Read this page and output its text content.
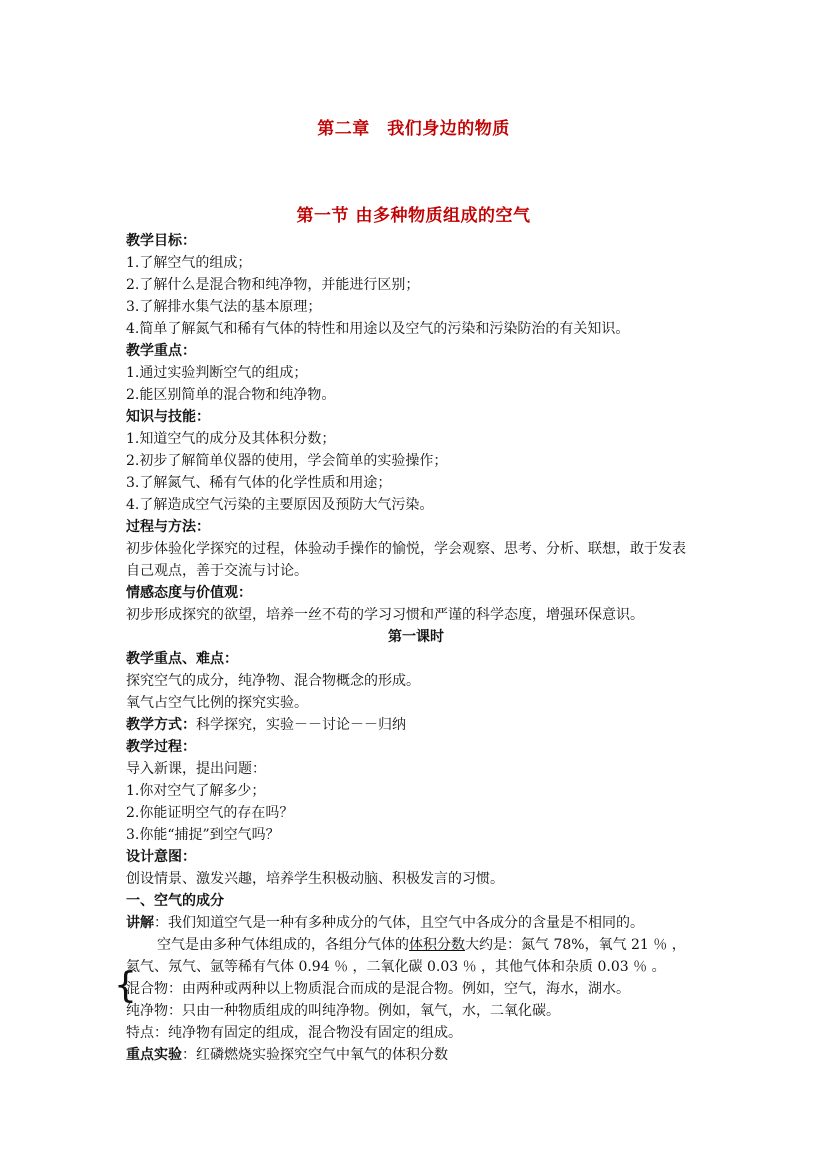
第二章　我们身边的物质
第一节 由多种物质组成的空气
教学目标：
1.了解空气的组成；
2.了解什么是混合物和纯净物，并能进行区别；
3.了解排水集气法的基本原理；
4.简单了解氮气和稀有气体的特性和用途以及空气的污染和污染防治的有关知识。
教学重点：
1.通过实验判断空气的组成；
2.能区别简单的混合物和纯净物。
知识与技能：
1.知道空气的成分及其体积分数；
2.初步了解简单仪器的使用，学会简单的实验操作；
3.了解氮气、稀有气体的化学性质和用途；
4.了解造成空气污染的主要原因及预防大气污染。
过程与方法：
初步体验化学探究的过程，体验动手操作的愉悦，学会观察、思考、分析、联想，敢于发表
自己观点，善于交流与讨论。
情感态度与价值观：
初步形成探究的欲望，培养一丝不苟的学习习惯和严谨的科学态度，增强环保意识。
第一课时
教学重点、难点：
探究空气的成分，纯净物、混合物概念的形成。
氧气占空气比例的探究实验。
教学方式：科学探究，实验－－讨论－－归纳
教学过程：
导入新课，提出问题：
1.你对空气了解多少；
2.你能证明空气的存在吗？
3.你能“捕捉”到空气吗？
设计意图：
创设情景、激发兴趣，培养学生积极动脑、积极发言的习惯。
一、空气的成分
讲解：我们知道空气是一种有多种成分的气体，且空气中各成分的含量是不相同的。
空气是由多种气体组成的，各组分气体的体积分数大约是：氮气 78%，氧气 21 ％ ，
氦气、氖气、氩等稀有气体 0.94 ％ ，二氧化碳 0.03 ％ ，其他气体和杂质 0.03 ％ 。
{
混合物：由两种或两种以上物质混合而成的是混合物。例如，空气，海水，湖水。
纯净物：只由一种物质组成的叫纯净物。例如，氧气，水，二氧化碳。
特点：纯净物有固定的组成，混合物没有固定的组成。
重点实验：红磷燃烧实验探究空气中氧气的体积分数
